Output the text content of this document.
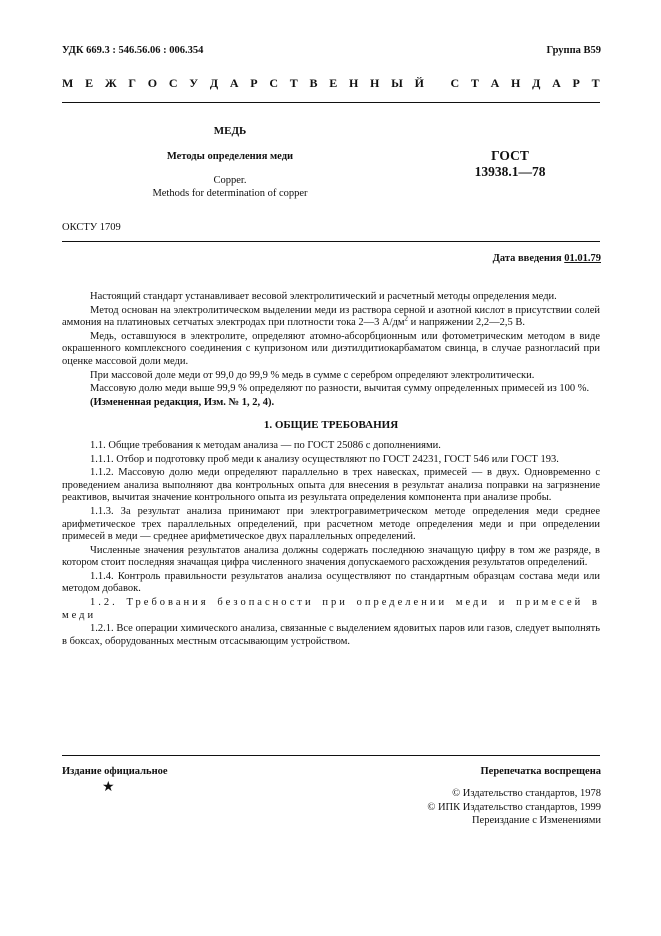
УДК 669.3 : 546.56.06 : 006.354	Группа B59
М Е Ж Г О С У Д А Р С Т В Е Н Н Ы Й
С Т А Н Д А Р Т
МЕДЬ
Методы определения меди
Copper.
Methods for determination of copper
ГОСТ
13938.1—78
ОКСТУ 1709
Дата введения 01.01.79

Настоящий стандарт устанавливает весовой электролитический и расчетный методы определения меди.

Метод основан на электролитическом выделении меди из раствора серной и азотной кислот в присутствии солей аммония на платиновых сетчатых электродах при плотности тока 2—3 $А/дм^2$ и напряжении 2,2—2,5 В.

Медь, оставшуюся в электролите, определяют атомно-абсорбционным или фотометрическим методом в виде окрашенного комплексного соединения с купризоном или диэтилдитиокарбаматом свинца, в случае разногласий при оценке массовой доли меди.

При массовой доле меди от 99,0 до 99,9 % медь в сумме с серебром определяют электролитически.

Массовую долю меди выше 99,9 % определяют по разности, вычитая сумму определенных примесей из 100 %.

(Измененная редакция, Изм. № 1, 2, 4).

1. ОБЩИЕ ТРЕБОВАНИЯ

1.1. Общие требования к методам анализа — по ГОСТ 25086 с дополнениями.

1.1.1. Отбор и подготовку проб меди к анализу осуществляют по ГОСТ 24231, ГОСТ 546 или ГОСТ 193.

1.1.2. Массовую долю меди определяют параллельно в трех навесках, примесей — в двух. Одновременно с проведением анализа выполняют два контрольных опыта для внесения в результат анализа поправки на загрязнение реактивов, вычитая значение контрольного опыта из результата определения компонента при анализе пробы.

1.1.3. За результат анализа принимают при электрогравиметрическом методе определения меди среднее арифметическое трех параллельных определений, при расчетном методе определения меди и при определении примесей в меди — среднее арифметическое двух параллельных определений.

Численные значения результатов анализа должны содержать последнюю значащую цифру в том же разряде, в котором стоит последняя значащая цифра численного значения допускаемого расхождения результатов определений.

1.1.4. Контроль правильности результатов анализа осуществляют по стандартным образцам состава меди или методом добавок.

1.2. Требования безопасности при определении меди и примесей в меди

1.2.1. Все операции химического анализа, связанные с выделением ядовитых паров или газов, следует выполнять в боксах, оборудованных местным отсасывающим устройством.

Издание официальное	Перепечатка воспрещена
★	© Издательство стандартов, 1978
© ИПК Издательство стандартов, 1999
Переиздание с Изменениями
